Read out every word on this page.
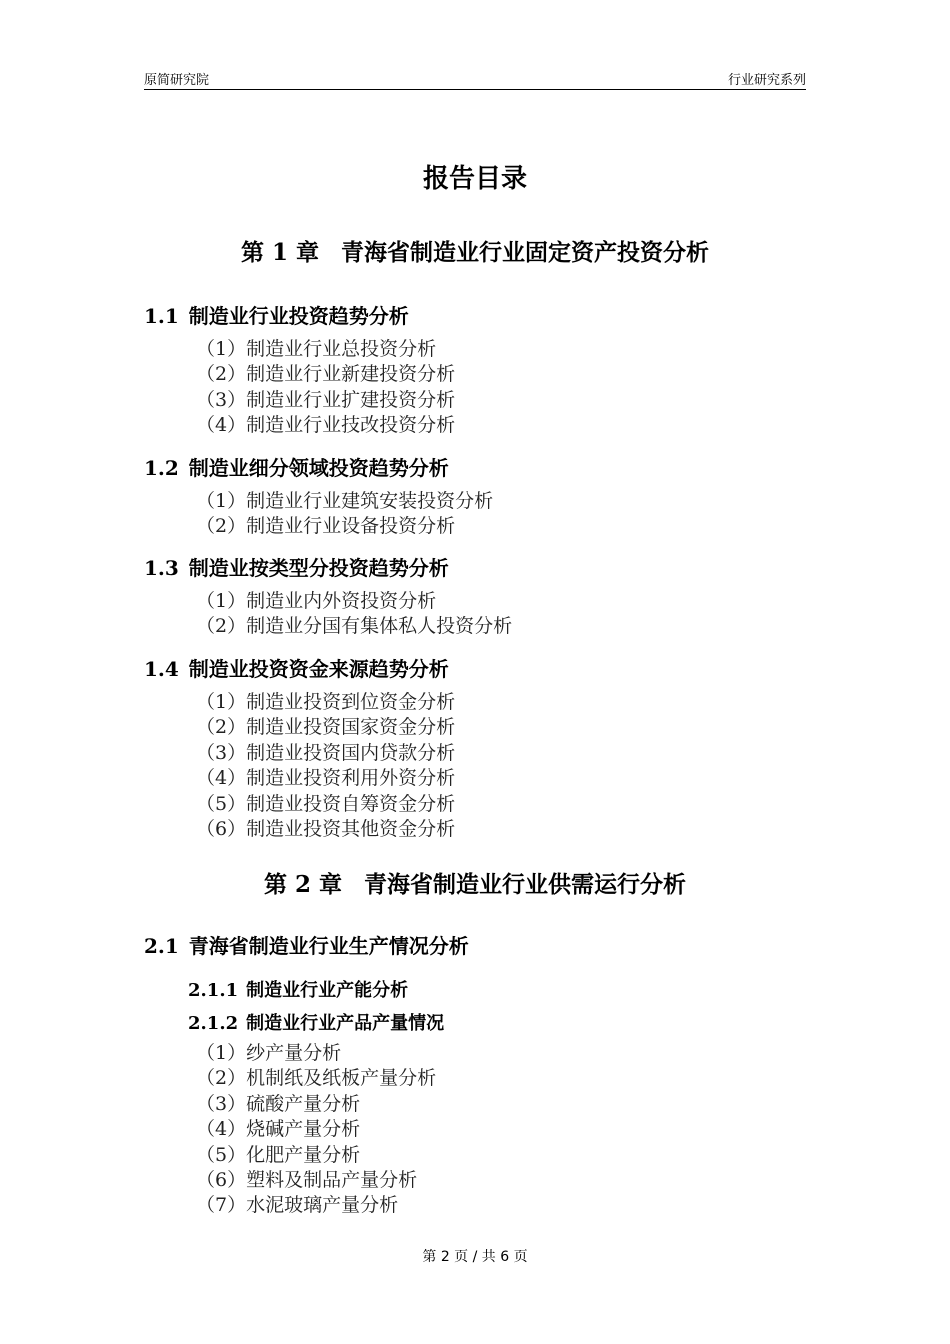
原简研究院	行业研究系列
报告目录
第 1 章 青海省制造业行业固定资产投资分析
1.1 制造业行业投资趋势分析
（1）制造业行业总投资分析
（2）制造业行业新建投资分析
（3）制造业行业扩建投资分析
（4）制造业行业技改投资分析
1.2 制造业细分领域投资趋势分析
（1）制造业行业建筑安装投资分析
（2）制造业行业设备投资分析
1.3 制造业按类型分投资趋势分析
（1）制造业内外资投资分析
（2）制造业分国有集体私人投资分析
1.4 制造业投资资金来源趋势分析
（1）制造业投资到位资金分析
（2）制造业投资国家资金分析
（3）制造业投资国内贷款分析
（4）制造业投资利用外资分析
（5）制造业投资自筹资金分析
（6）制造业投资其他资金分析
第 2 章 青海省制造业行业供需运行分析
2.1 青海省制造业行业生产情况分析
2.1.1 制造业行业产能分析
2.1.2 制造业行业产品产量情况
（1）纱产量分析
（2）机制纸及纸板产量分析
（3）硫酸产量分析
（4）烧碱产量分析
（5）化肥产量分析
（6）塑料及制品产量分析
（7）水泥玻璃产量分析
第 2 页 / 共 6 页
